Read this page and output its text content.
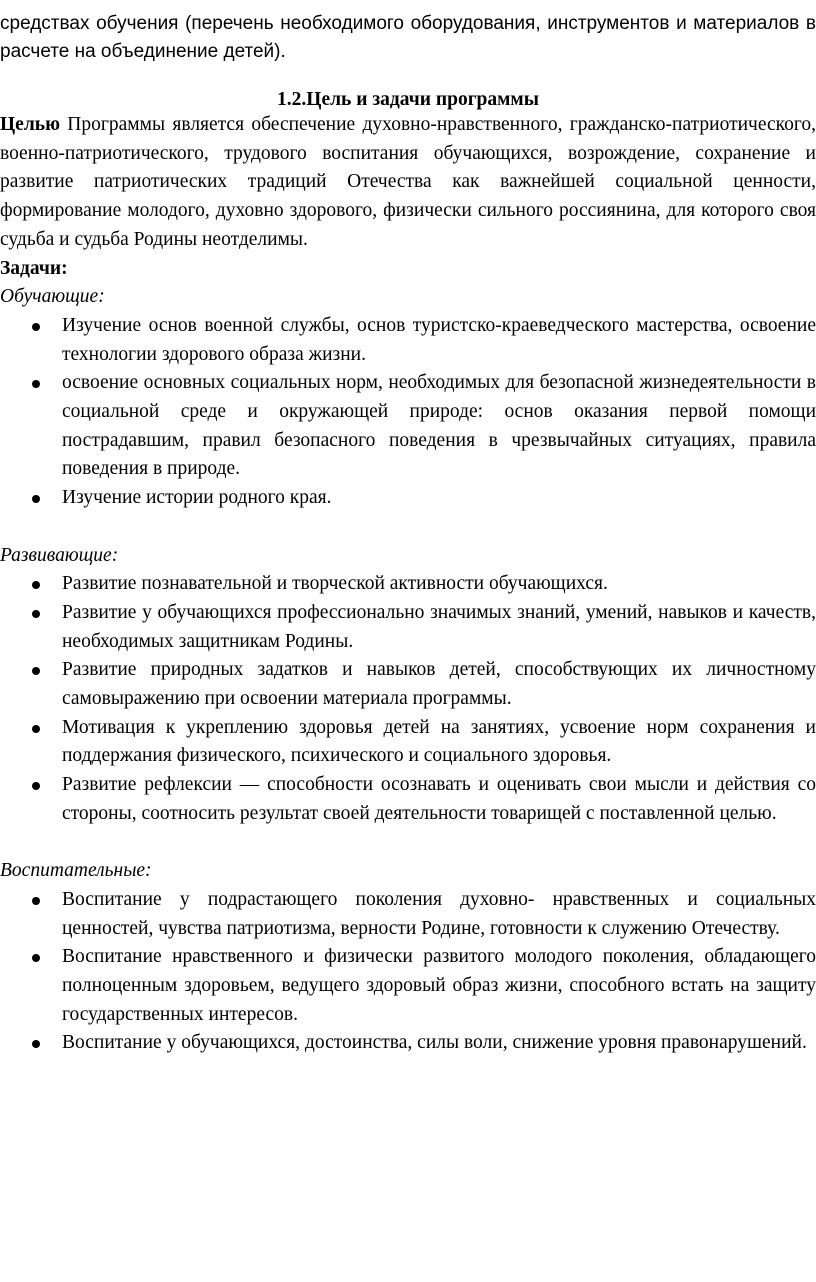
средствах обучения (перечень необходимого оборудования, инструментов и материалов в расчете на объединение детей).

1.2.Цель и задачи программы

Целью Программы является обеспечение духовно-нравственного, гражданско-патриотического, военно-патриотического, трудового воспитания обучающихся, возрождение, сохранение и развитие патриотических традиций Отечества как важнейшей социальной ценности, формирование молодого, духовно здорового, физически сильного россиянина, для которого своя судьба и судьба Родины неотделимы.

Задачи:

Обучающие:

Изучение основ военной службы, основ туристско-краеведческого мастерства, освоение технологии здорового образа жизни.
освоение основных социальных норм, необходимых для безопасной жизнедеятельности в социальной среде и окружающей природе: основ оказания первой помощи пострадавшим, правил безопасного поведения в чрезвычайных ситуациях, правила поведения в природе.
Изучение истории родного края.

Развивающие:

Развитие познавательной и творческой активности обучающихся.
Развитие у обучающихся профессионально значимых знаний, умений, навыков и качеств, необходимых защитникам Родины.
Развитие природных задатков и навыков детей, способствующих их личностному самовыражению при освоении материала программы.
Мотивация к укреплению здоровья детей на занятиях, усвоение норм сохранения и поддержания физического, психического и социального здоровья.
Развитие рефлексии — способности осознавать и оценивать свои мысли и действия со стороны, соотносить результат своей деятельности товарищей с поставленной целью.

Воспитательные:

Воспитание у подрастающего поколения духовно- нравственных и социальных ценностей, чувства патриотизма, верности Родине, готовности к служению Отечеству.
Воспитание нравственного и физически развитого молодого поколения, обладающего полноценным здоровьем, ведущего здоровый образ жизни, способного встать на защиту государственных интересов.
Воспитание у обучающихся, достоинства, силы воли, снижение уровня правонарушений.
